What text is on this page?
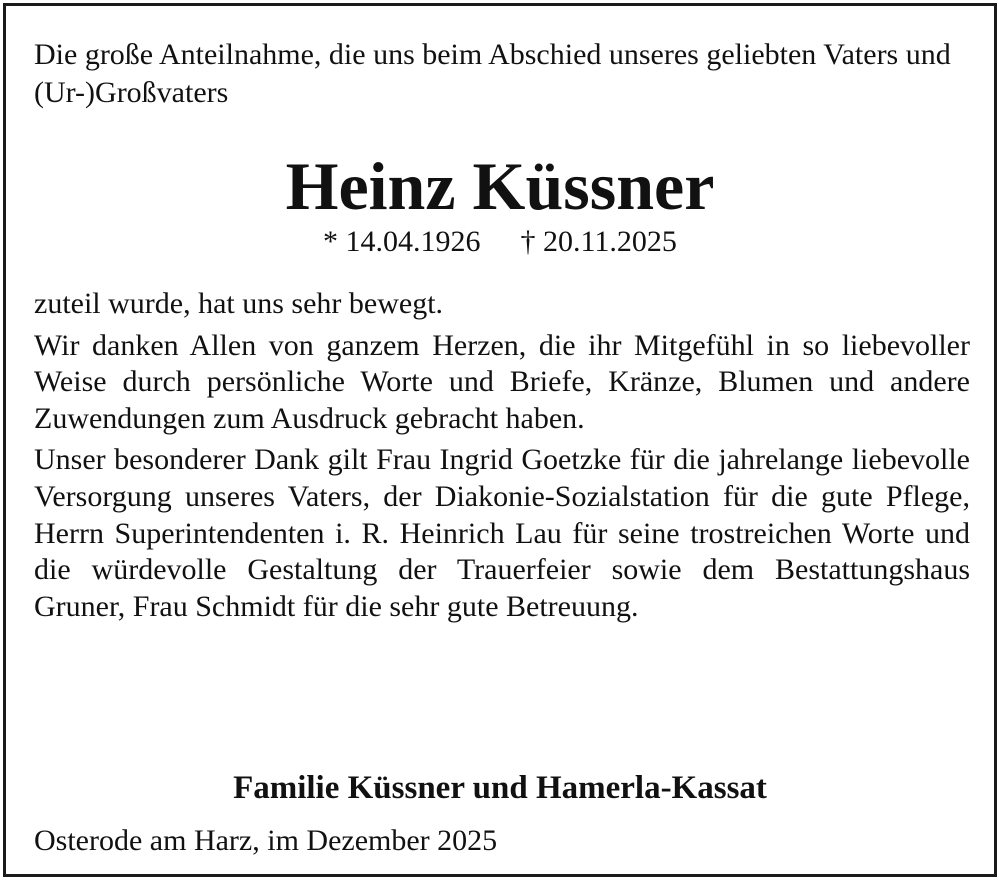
Die große Anteilnahme, die uns beim Abschied unseres geliebten Vaters und (Ur-)Großvaters

Heinz Küssner

* 14.04.1926 † 20.11.2025

zuteil wurde, hat uns sehr bewegt.

Wir danken Allen von ganzem Herzen, die ihr Mitgefühl in so liebevoller Weise durch persönliche Worte und Briefe, Kränze, Blumen und andere Zuwendungen zum Ausdruck gebracht haben.

Unser besonderer Dank gilt Frau Ingrid Goetzke für die jahrelange liebevolle Versorgung unseres Vaters, der Diakonie-Sozialstation für die gute Pflege, Herrn Superintendenten i. R. Heinrich Lau für seine trostreichen Worte und die würdevolle Gestaltung der Trauerfeier sowie dem Bestattungshaus Gruner, Frau Schmidt für die sehr gute Betreuung.

Familie Küssner und Hamerla-Kassat

Osterode am Harz, im Dezember 2025
